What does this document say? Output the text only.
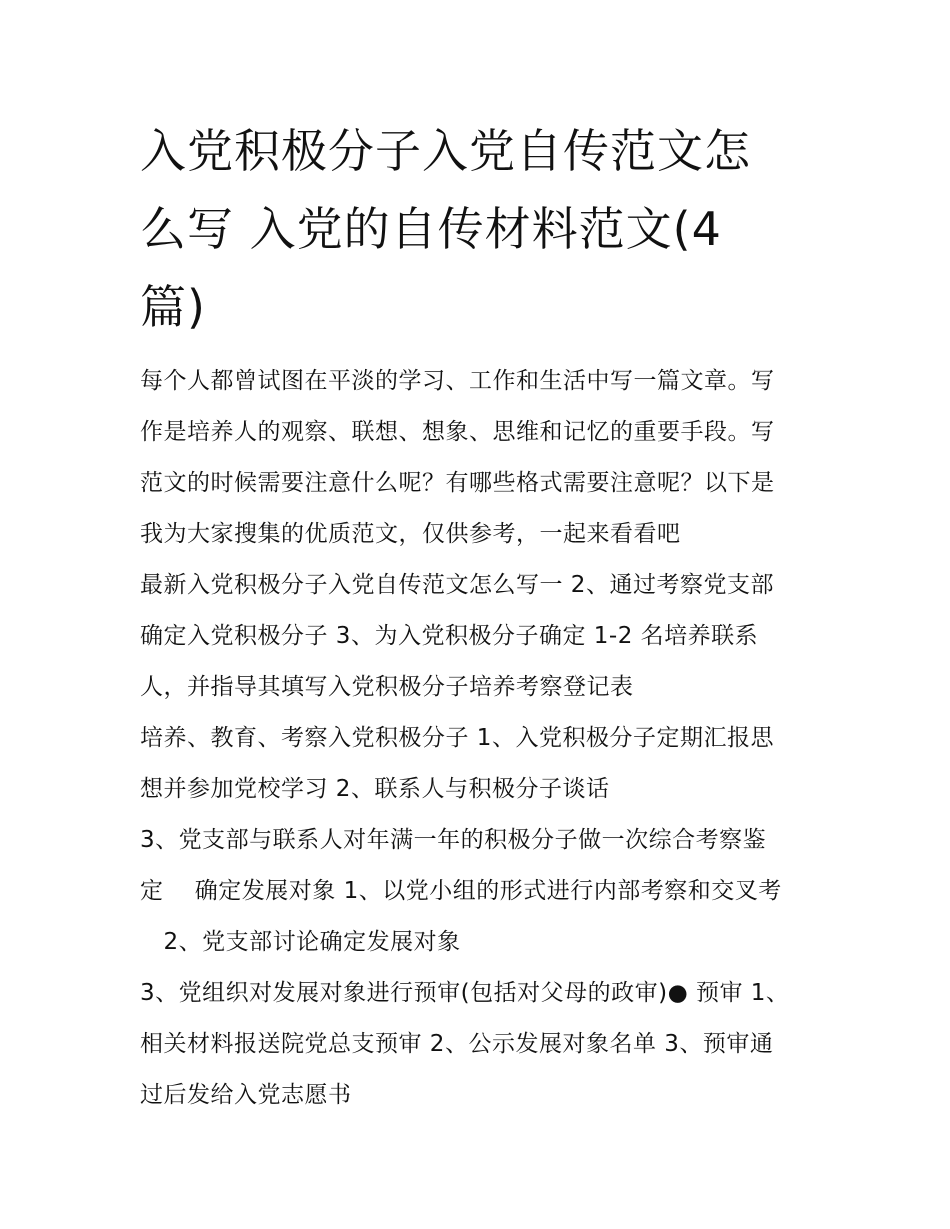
入党积极分子入党自传范文怎
么写 入党的自传材料范文(4
篇)

每个人都曾试图在平淡的学习、工作和生活中写一篇文章。写
作是培养人的观察、联想、想象、思维和记忆的重要手段。写
范文的时候需要注意什么呢？有哪些格式需要注意呢？以下是
我为大家搜集的优质范文，仅供参考，一起来看看吧

最新入党积极分子入党自传范文怎么写一 2、通过考察党支部
确定入党积极分子 3、为入党积极分子确定 1-2 名培养联系
人，并指导其填写入党积极分子培养考察登记表

培养、教育、考察入党积极分子 1、入党积极分子定期汇报思
想并参加党校学习 2、联系人与积极分子谈话

3、党支部与联系人对年满一年的积极分子做一次综合考察鉴
定 　确定发展对象 1、以党小组的形式进行内部考察和交叉考
　2、党支部讨论确定发展对象

3、党组织对发展对象进行预审(包括对父母的政审)● 预审 1、
相关材料报送院党总支预审 2、公示发展对象名单 3、预审通
过后发给入党志愿书
